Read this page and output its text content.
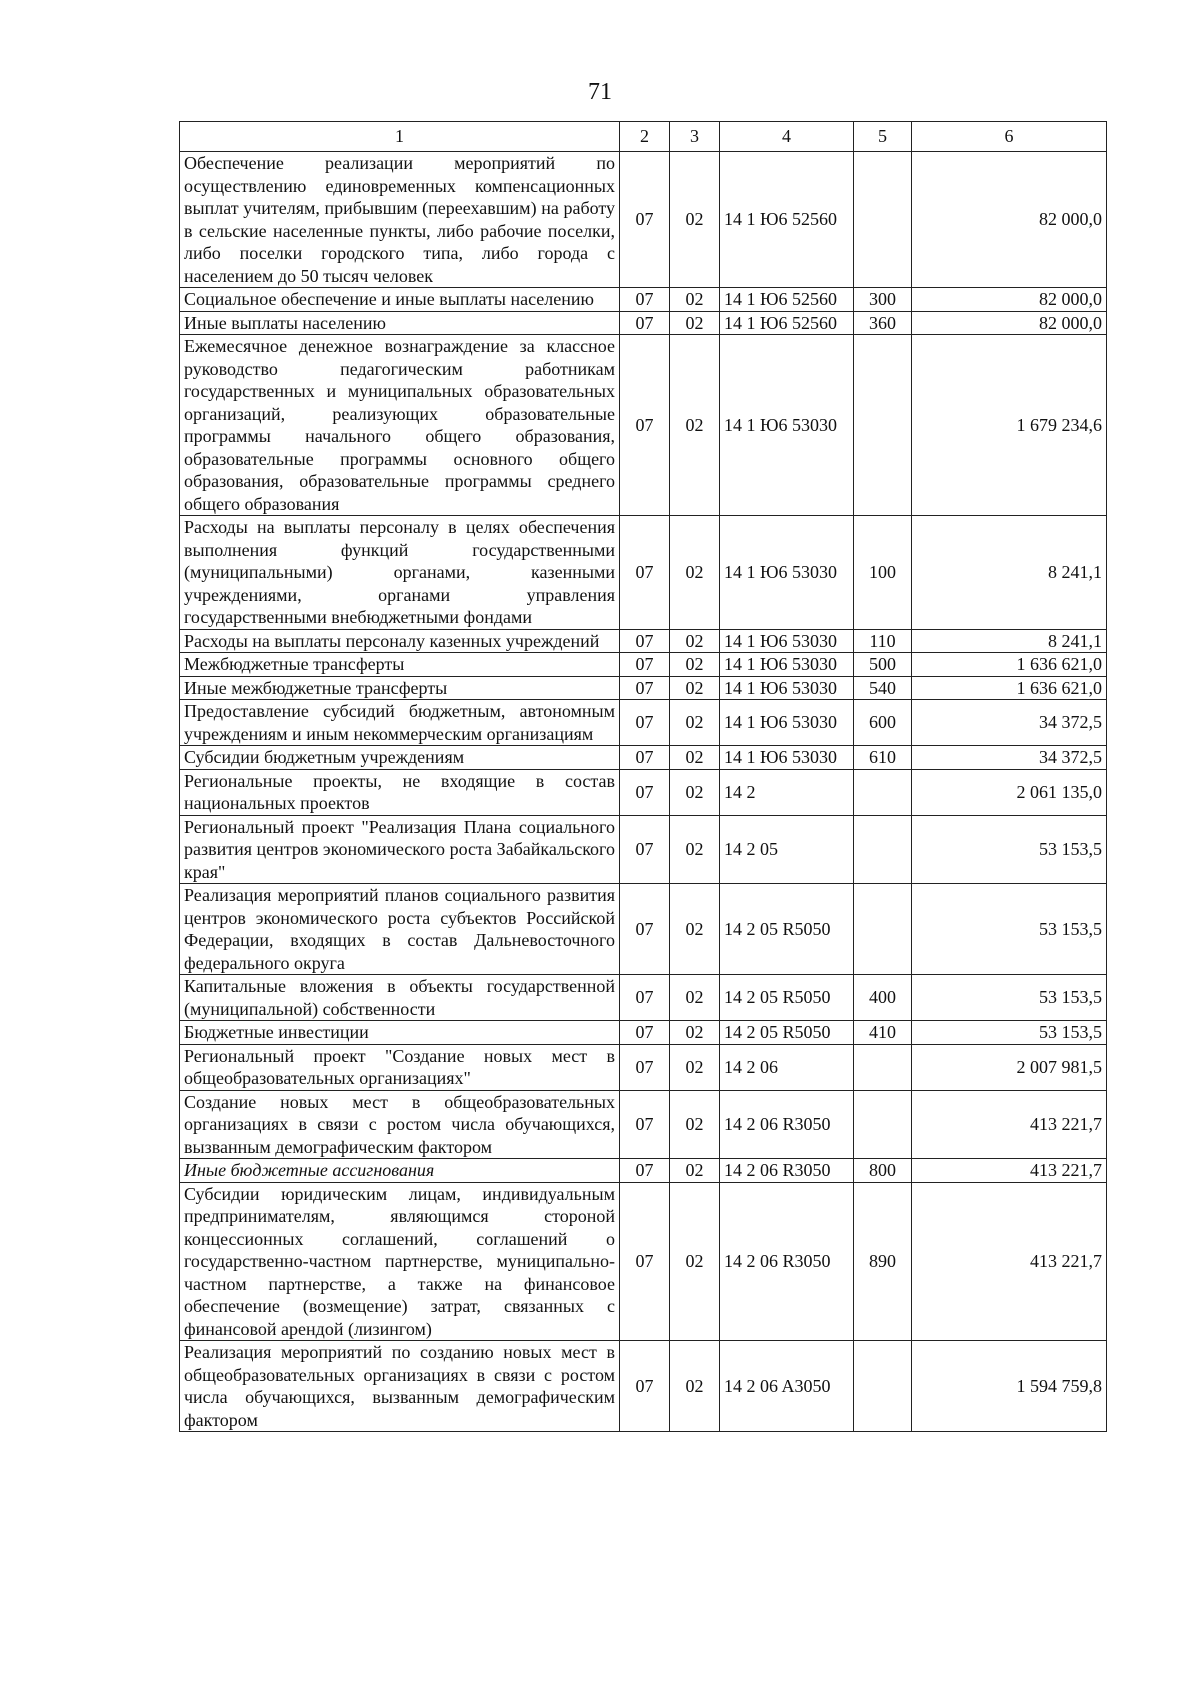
71
1	2	3	4	5	6
Обеспечение реализации мероприятий по осуществлению единовременных компенсационных выплат учителям, прибывшим (переехавшим) на работу в сельские населенные пункты, либо рабочие поселки, либо поселки городского типа, либо города с населением до 50 тысяч человек	07	02	14 1 Ю6 52560		82 000,0
Социальное обеспечение и иные выплаты населению	07	02	14 1 Ю6 52560	300	82 000,0
Иные выплаты населению	07	02	14 1 Ю6 52560	360	82 000,0
Ежемесячное денежное вознаграждение за классное руководство педагогическим работникам государственных и муниципальных образовательных организаций, реализующих образовательные программы начального общего образования, образовательные программы основного общего образования, образовательные программы среднего общего образования	07	02	14 1 Ю6 53030		1 679 234,6
Расходы на выплаты персоналу в целях обеспечения выполнения функций государственными (муниципальными) органами, казенными учреждениями, органами управления государственными внебюджетными фондами	07	02	14 1 Ю6 53030	100	8 241,1
Расходы на выплаты персоналу казенных учреждений	07	02	14 1 Ю6 53030	110	8 241,1
Межбюджетные трансферты	07	02	14 1 Ю6 53030	500	1 636 621,0
Иные межбюджетные трансферты	07	02	14 1 Ю6 53030	540	1 636 621,0
Предоставление субсидий бюджетным, автономным учреждениям и иным некоммерческим организациям	07	02	14 1 Ю6 53030	600	34 372,5
Субсидии бюджетным учреждениям	07	02	14 1 Ю6 53030	610	34 372,5
Региональные проекты, не входящие в состав национальных проектов	07	02	14 2		2 061 135,0
Региональный проект "Реализация Плана социального развития центров экономического роста Забайкальского края"	07	02	14 2 05		53 153,5
Реализация мероприятий планов социального развития центров экономического роста субъектов Российской Федерации, входящих в состав Дальневосточного федерального округа	07	02	14 2 05 R5050		53 153,5
Капитальные вложения в объекты государственной (муниципальной) собственности	07	02	14 2 05 R5050	400	53 153,5
Бюджетные инвестиции	07	02	14 2 05 R5050	410	53 153,5
Региональный проект "Создание новых мест в общеобразовательных организациях"	07	02	14 2 06		2 007 981,5
Создание новых мест в общеобразовательных организациях в связи с ростом числа обучающихся, вызванным демографическим фактором	07	02	14 2 06 R3050		413 221,7
Иные бюджетные ассигнования	07	02	14 2 06 R3050	800	413 221,7
Субсидии юридическим лицам, индивидуальным предпринимателям, являющимся стороной концессионных соглашений, соглашений о государственно-частном партнерстве, муниципально-частном партнерстве, а также на финансовое обеспечение (возмещение) затрат, связанных с финансовой арендой (лизингом)	07	02	14 2 06 R3050	890	413 221,7
Реализация мероприятий по созданию новых мест в общеобразовательных организациях в связи с ростом числа обучающихся, вызванным демографическим фактором	07	02	14 2 06 A3050		1 594 759,8
